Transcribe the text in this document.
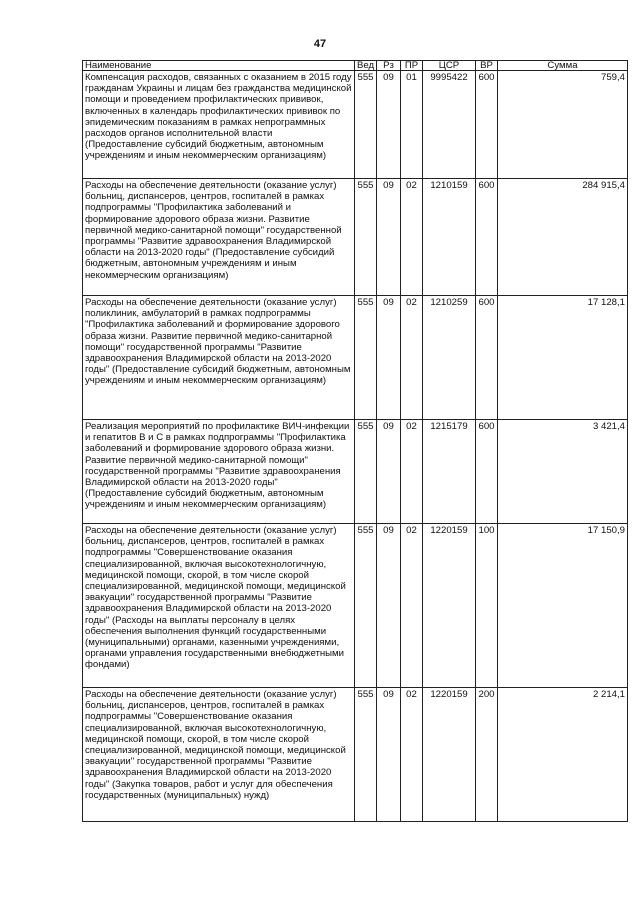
47
Наименование	Вед	Рз	ПР	ЦСР	ВР	Сумма
Компенсация расходов, связанных с оказанием в 2015 году гражданам Украины и лицам без гражданства медицинской помощи и проведением профилактических прививок, включенных в календарь профилактических прививок по эпидемическим показаниям в рамках непрограммных расходов органов исполнительной власти (Предоставление субсидий бюджетным, автономным учреждениям и иным некоммерческим организациям)	555	09	01	9995422	600	759,4
Расходы на обеспечение деятельности (оказание услуг) больниц, диспансеров, центров, госпиталей в рамках подпрограммы "Профилактика заболеваний и формирование здорового образа жизни. Развитие первичной медико-санитарной помощи" государственной программы "Развитие здравоохранения Владимирской области на 2013-2020 годы" (Предоставление субсидий бюджетным, автономным учреждениям и иным некоммерческим организациям)	555	09	02	1210159	600	284 915,4
Расходы на обеспечение деятельности (оказание услуг) поликлиник, амбулаторий в рамках подпрограммы "Профилактика заболеваний и формирование здорового образа жизни. Развитие первичной медико-санитарной помощи" государственной программы "Развитие здравоохранения Владимирской области на 2013-2020 годы" (Предоставление субсидий бюджетным, автономным учреждениям и иным некоммерческим организациям)	555	09	02	1210259	600	17 128,1
Реализация мероприятий по профилактике ВИЧ-инфекции и гепатитов В и С в рамках подпрограммы "Профилактика заболеваний и формирование здорового образа жизни. Развитие первичной медико-санитарной помощи" государственной программы "Развитие здравоохранения Владимирской области на 2013-2020 годы" (Предоставление субсидий бюджетным, автономным учреждениям и иным некоммерческим организациям)	555	09	02	1215179	600	3 421,4
Расходы на обеспечение деятельности (оказание услуг) больниц, диспансеров, центров, госпиталей в рамках подпрограммы "Совершенствование оказания специализированной, включая высокотехнологичную, медицинской помощи, скорой, в том числе скорой специализированной, медицинской помощи, медицинской эвакуации" государственной программы "Развитие здравоохранения Владимирской области на 2013-2020 годы" (Расходы на выплаты персоналу в целях обеспечения выполнения функций государственными (муниципальными) органами, казенными учреждениями, органами управления государственными внебюджетными фондами)	555	09	02	1220159	100	17 150,9
Расходы на обеспечение деятельности (оказание услуг) больниц, диспансеров, центров, госпиталей в рамках подпрограммы "Совершенствование оказания специализированной, включая высокотехнологичную, медицинской помощи, скорой, в том числе скорой специализированной, медицинской помощи, медицинской эвакуации" государственной программы "Развитие здравоохранения Владимирской области на 2013-2020 годы" (Закупка товаров, работ и услуг для обеспечения государственных (муниципальных) нужд)	555	09	02	1220159	200	2 214,1
